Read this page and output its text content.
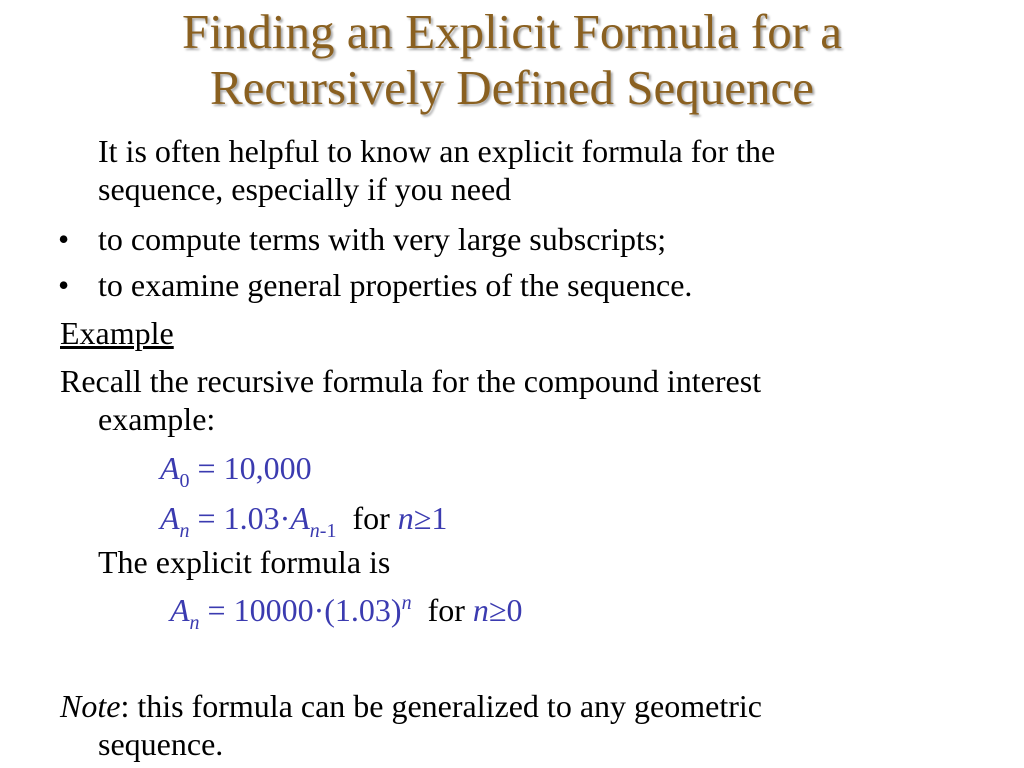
Finding an Explicit Formula for a
Recursively Defined Sequence
It is often helpful to know an explicit formula for the
sequence, especially if you need
• to compute terms with very large subscripts;
• to examine general properties of the sequence.
Example
Recall the recursive formula for the compound interest
example:
$A_0 = 10,000$
$A_n = 1.03\cdot A_{n-1}$  for n≥1
The explicit formula is
$A_n = 10000\cdot(1.03)^n$  for n≥0
Note: this formula can be generalized to any geometric
sequence.
